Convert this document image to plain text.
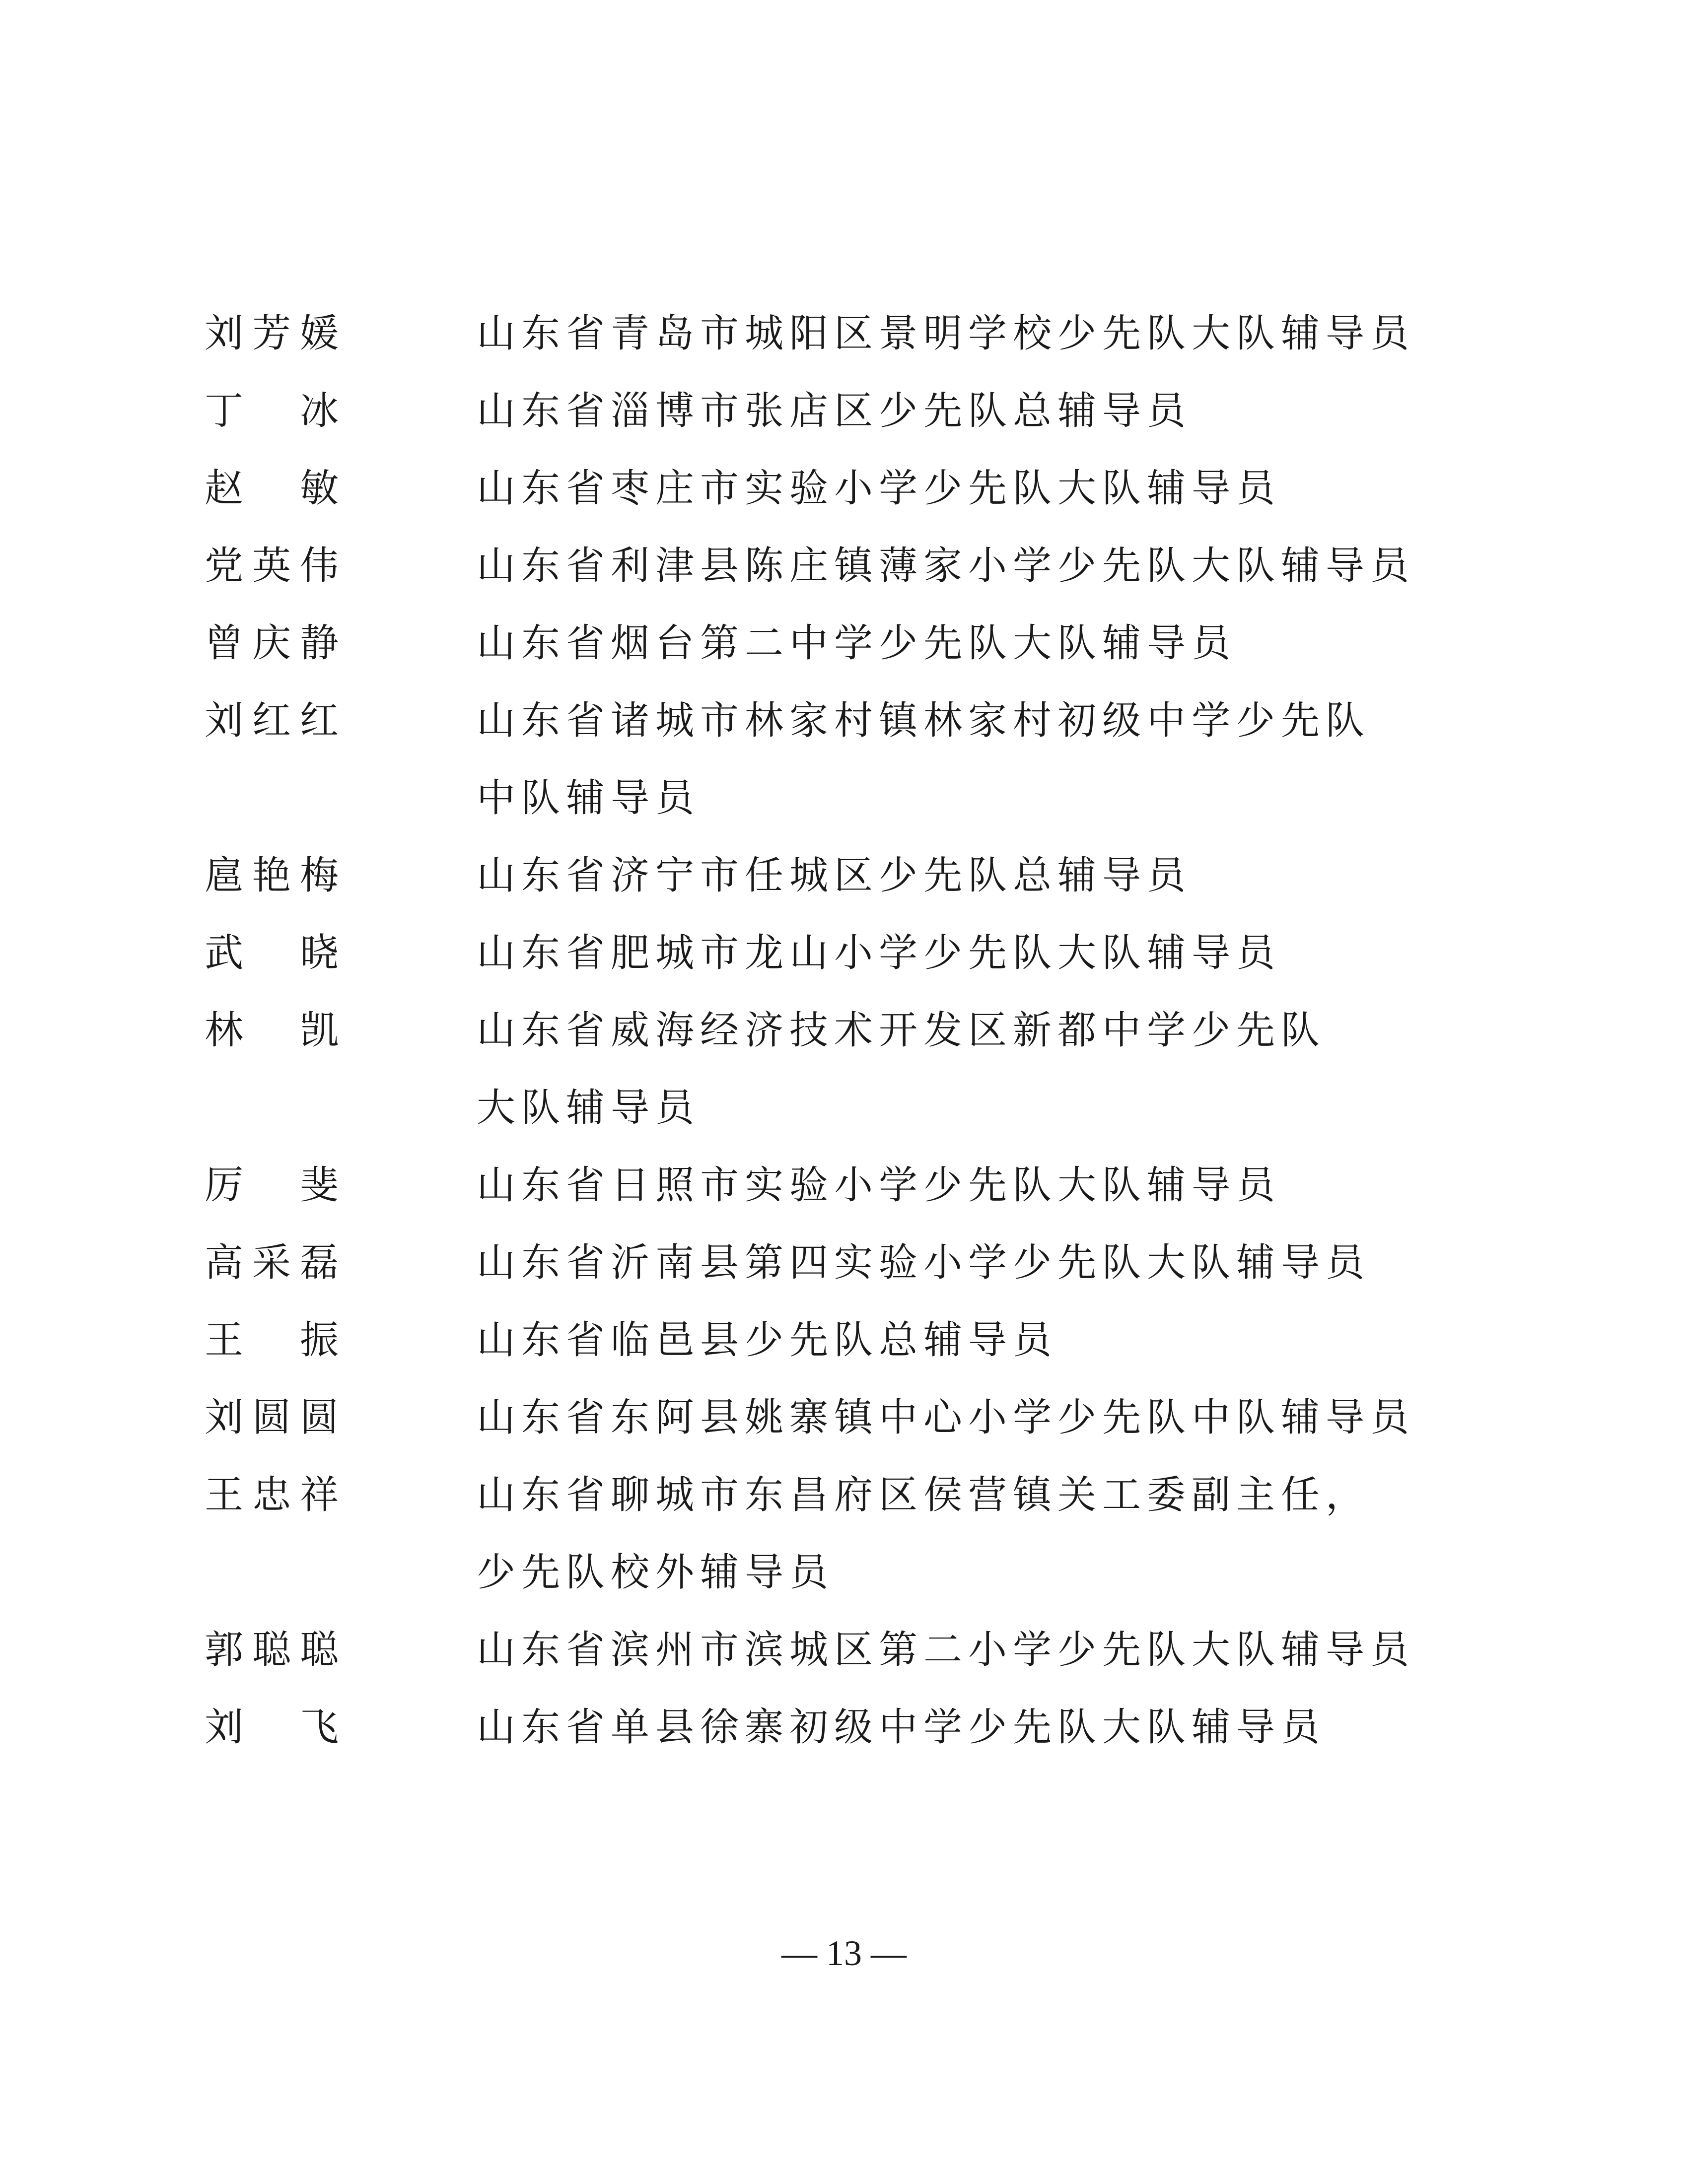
刘 芳 媛	山东省青岛市城阳区景明学校少先队大队辅导员
丁 冰	山东省淄博市张店区少先队总辅导员
赵 敏	山东省枣庄市实验小学少先队大队辅导员
党 英 伟	山东省利津县陈庄镇薄家小学少先队大队辅导员
曾 庆 静	山东省烟台第二中学少先队大队辅导员
刘 红 红	山东省诸城市林家村镇林家村初级中学少先队
中队辅导员
扈 艳 梅	山东省济宁市任城区少先队总辅导员
武 晓	山东省肥城市龙山小学少先队大队辅导员
林 凯	山东省威海经济技术开发区新都中学少先队
大队辅导员
厉 斐	山东省日照市实验小学少先队大队辅导员
高 采 磊	山东省沂南县第四实验小学少先队大队辅导员
王 振	山东省临邑县少先队总辅导员
刘 圆 圆	山东省东阿县姚寨镇中心小学少先队中队辅导员
王 忠 祥	山东省聊城市东昌府区侯营镇关工委副主任，
少先队校外辅导员
郭 聪 聪	山东省滨州市滨城区第二小学少先队大队辅导员
刘 飞	山东省单县徐寨初级中学少先队大队辅导员
— 13 —
